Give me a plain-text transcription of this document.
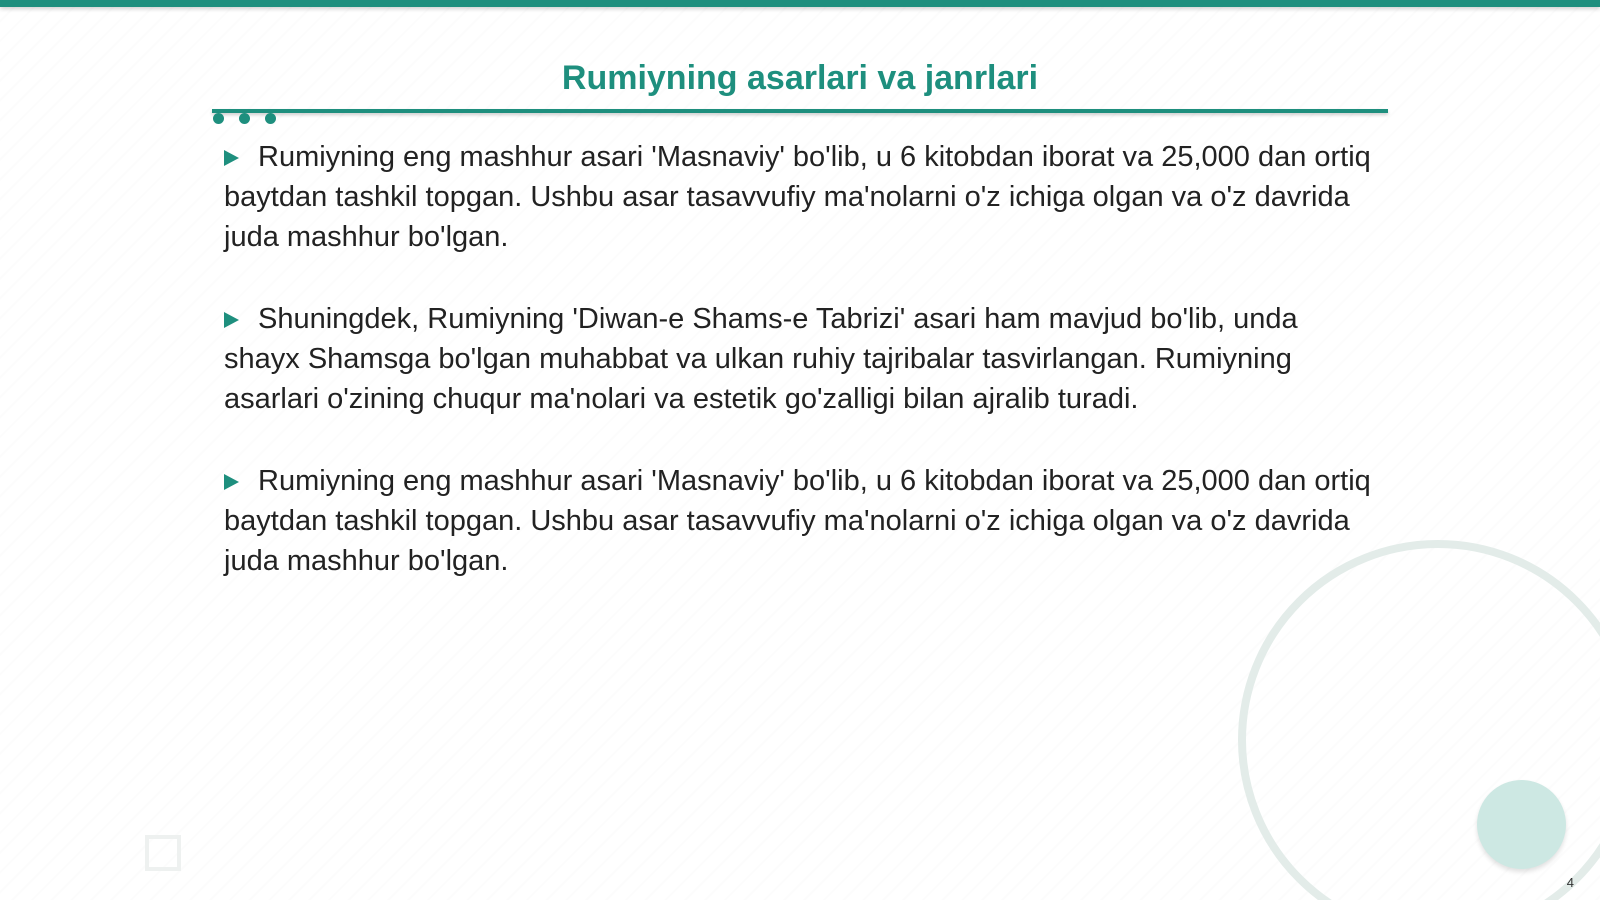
Rumiyning asarlari va janrlari

Rumiyning eng mashhur asari 'Masnaviy' bo'lib, u 6 kitobdan iborat va 25,000 dan ortiq baytdan tashkil topgan. Ushbu asar tasavvufiy ma'nolarni o'z ichiga olgan va o'z davrida juda mashhur bo'lgan.

Shuningdek, Rumiyning 'Diwan-e Shams-e Tabrizi' asari ham mavjud bo'lib, unda shayx Shamsga bo'lgan muhabbat va ulkan ruhiy tajribalar tasvirlangan. Rumiyning asarlari o'zining chuqur ma'nolari va estetik go'zalligi bilan ajralib turadi.

Rumiyning eng mashhur asari 'Masnaviy' bo'lib, u 6 kitobdan iborat va 25,000 dan ortiq baytdan tashkil topgan. Ushbu asar tasavvufiy ma'nolarni o'z ichiga olgan va o'z davrida juda mashhur bo'lgan.

4
